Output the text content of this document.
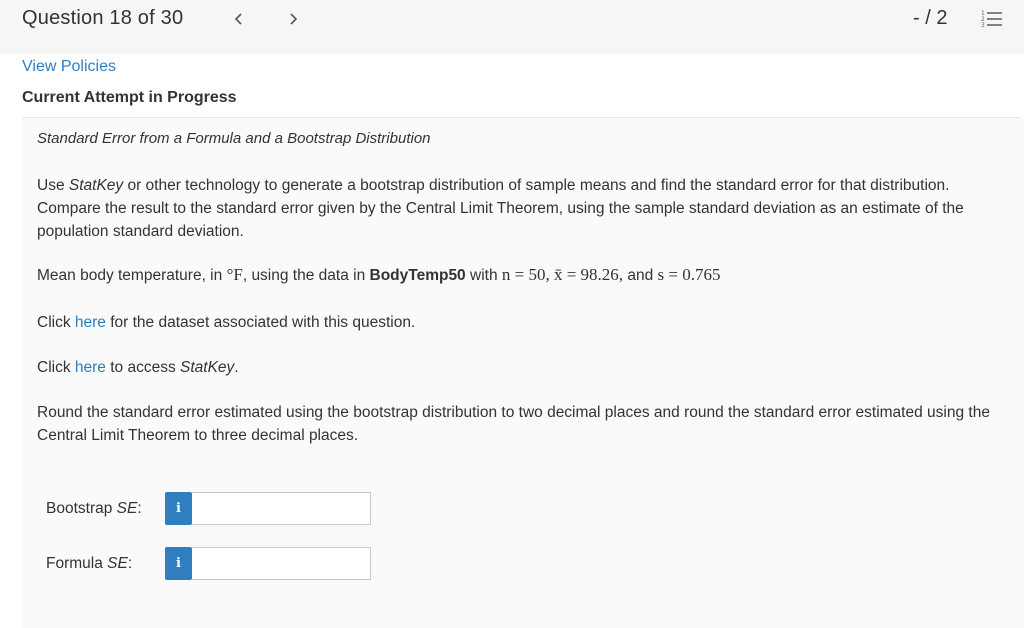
Question 18 of 30	- / 2	1
2
3
View Policies
Current Attempt in Progress
Standard Error from a Formula and a Bootstrap Distribution
Use StatKey or other technology to generate a bootstrap distribution of sample means and find the standard error for that distribution. Compare the result to the standard error given by the Central Limit Theorem, using the sample standard deviation as an estimate of the population standard deviation.
Mean body temperature, in °F, using the data in BodyTemp50 with n = 50, x̄ = 98.26, and s = 0.765
Click here for the dataset associated with this question.
Click here to access StatKey.
Round the standard error estimated using the bootstrap distribution to two decimal places and round the standard error estimated using the Central Limit Theorem to three decimal places.
Bootstrap SE:	i
Formula SE:	i
